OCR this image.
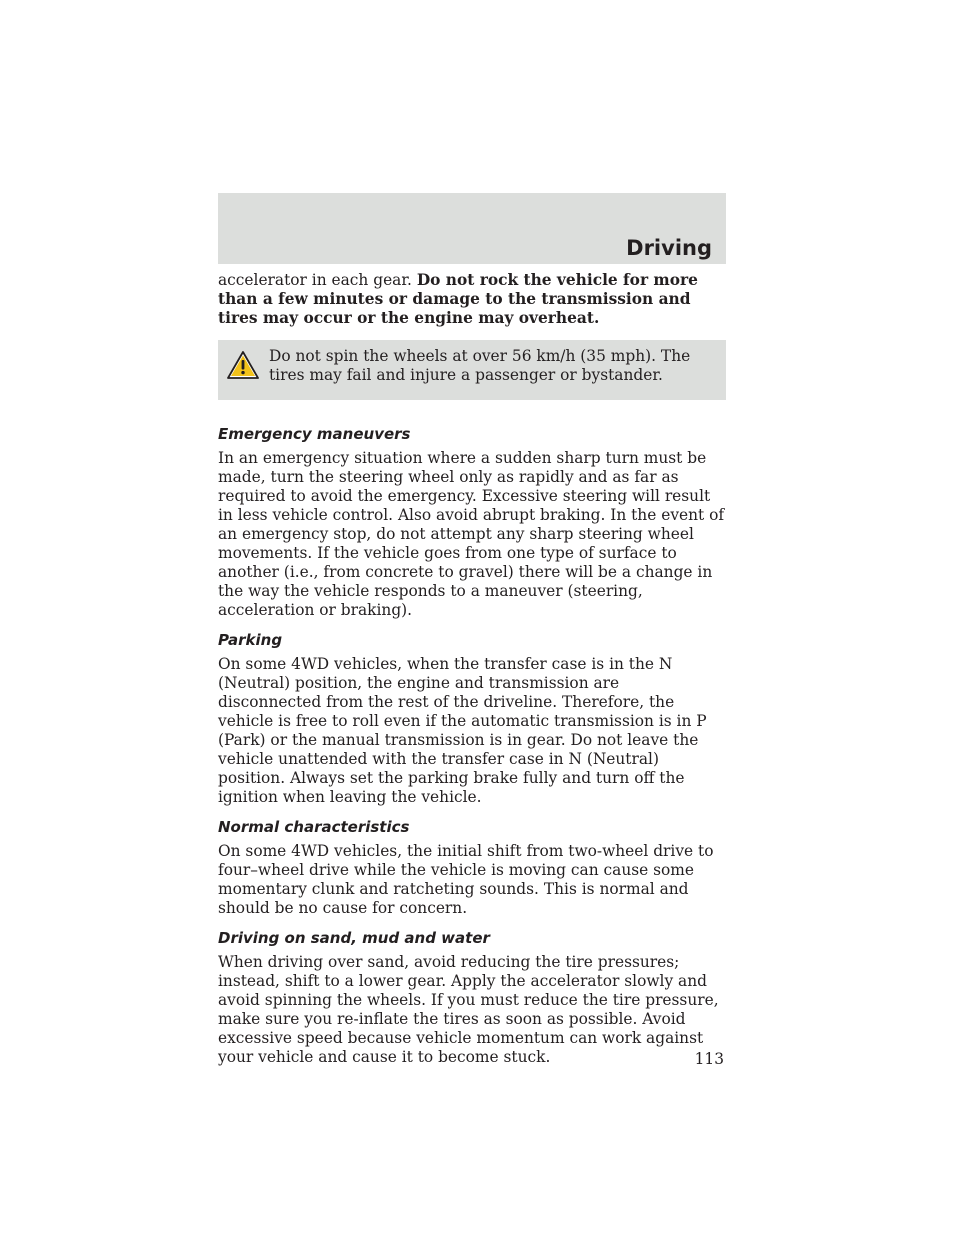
Driving

accelerator in each gear. Do not rock the vehicle for more than a few minutes or damage to the transmission and tires may occur or the engine may overheat.

Do not spin the wheels at over 56 km/h (35 mph). The tires may fail and injure a passenger or bystander.

Emergency maneuvers

In an emergency situation where a sudden sharp turn must be made, turn the steering wheel only as rapidly and as far as required to avoid the emergency. Excessive steering will result in less vehicle control. Also avoid abrupt braking. In the event of an emergency stop, do not attempt any sharp steering wheel movements. If the vehicle goes from one type of surface to another (i.e., from concrete to gravel) there will be a change in the way the vehicle responds to a maneuver (steering, acceleration or braking).

Parking

On some 4WD vehicles, when the transfer case is in the N (Neutral) position, the engine and transmission are disconnected from the rest of the driveline. Therefore, the vehicle is free to roll even if the automatic transmission is in P (Park) or the manual transmission is in gear. Do not leave the vehicle unattended with the transfer case in N (Neutral) position. Always set the parking brake fully and turn off the ignition when leaving the vehicle.

Normal characteristics

On some 4WD vehicles, the initial shift from two-wheel drive to four–wheel drive while the vehicle is moving can cause some momentary clunk and ratcheting sounds. This is normal and should be no cause for concern.

Driving on sand, mud and water

When driving over sand, avoid reducing the tire pressures; instead, shift to a lower gear. Apply the accelerator slowly and avoid spinning the wheels. If you must reduce the tire pressure, make sure you re-inflate the tires as soon as possible. Avoid excessive speed because vehicle momentum can work against your vehicle and cause it to become stuck.	113
